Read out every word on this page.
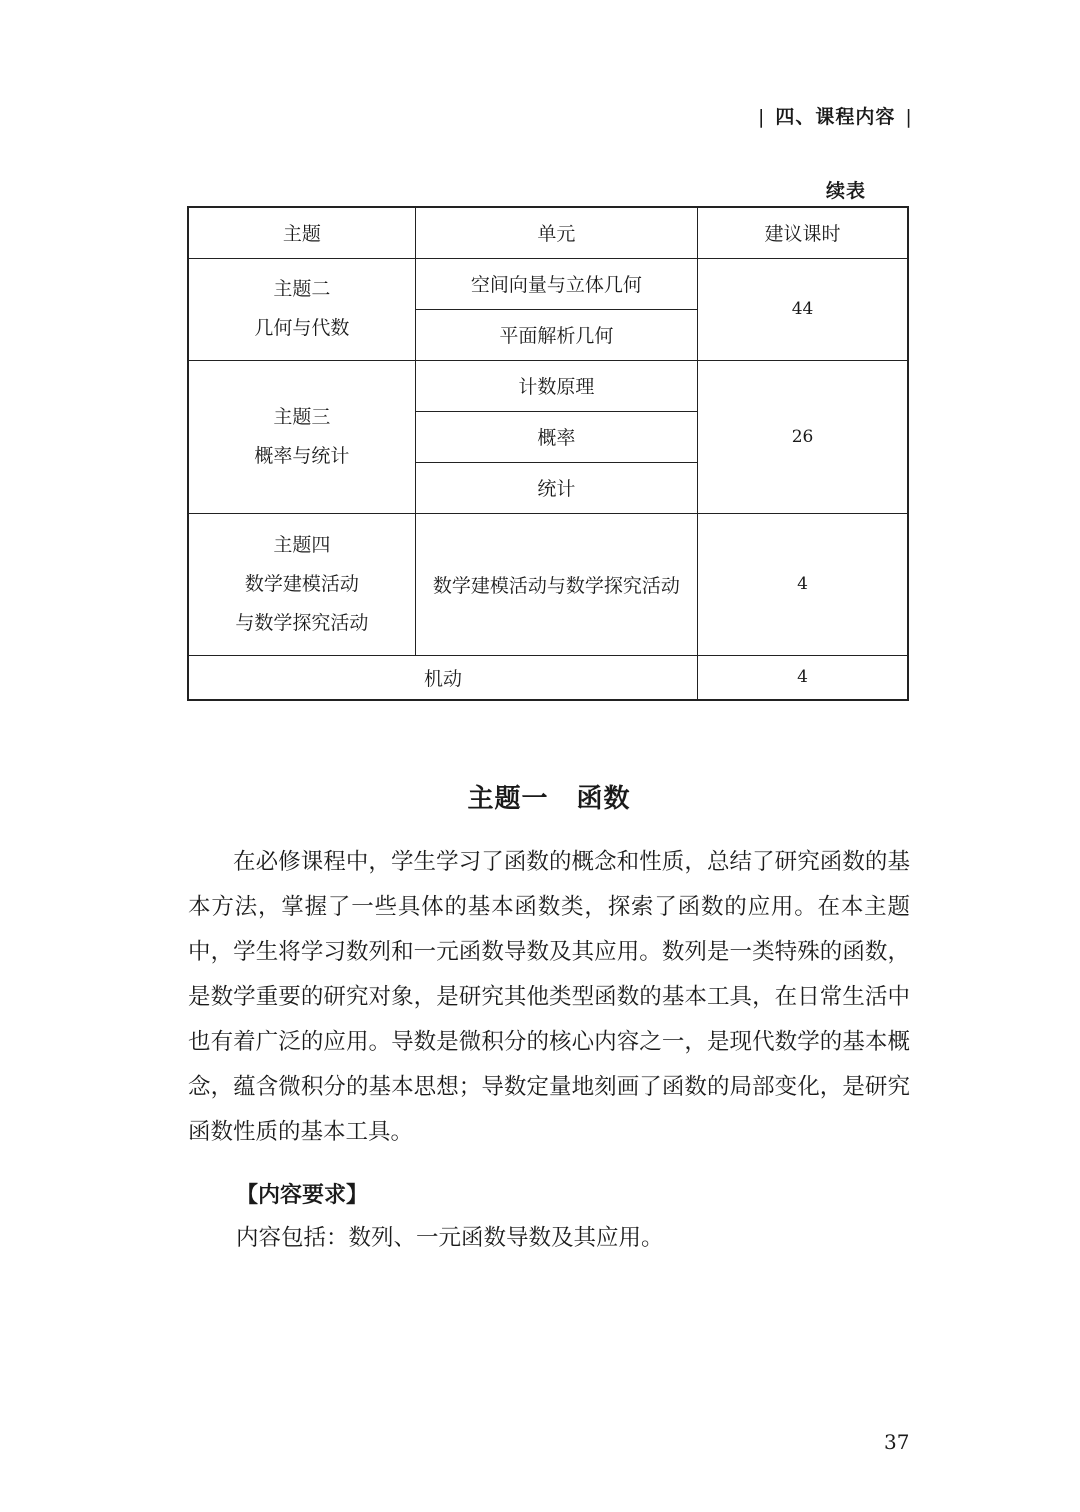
| 四、课程内容 |
续表
主题	单元	建议课时

主题二
几何与代数	空间向量与立体几何	44
	平面解析几何	

主题三
概率与统计	计数原理	26
	概率	
	统计	

主题四
数学建模活动
与数学探究活动	数学建模活动与数学探究活动	4
机动		4
主题一 函数

在必修课程中，学生学习了函数的概念和性质，总结了研究函数的基本方法，掌握了一些具体的基本函数类，探索了函数的应用。在本主题中，学生将学习数列和一元函数导数及其应用。数列是一类特殊的函数，是数学重要的研究对象，是研究其他类型函数的基本工具，在日常生活中也有着广泛的应用。导数是微积分的核心内容之一，是现代数学的基本概念，蕴含微积分的基本思想；导数定量地刻画了函数的局部变化，是研究函数性质的基本工具。

【内容要求】
内容包括：数列、一元函数导数及其应用。
37
